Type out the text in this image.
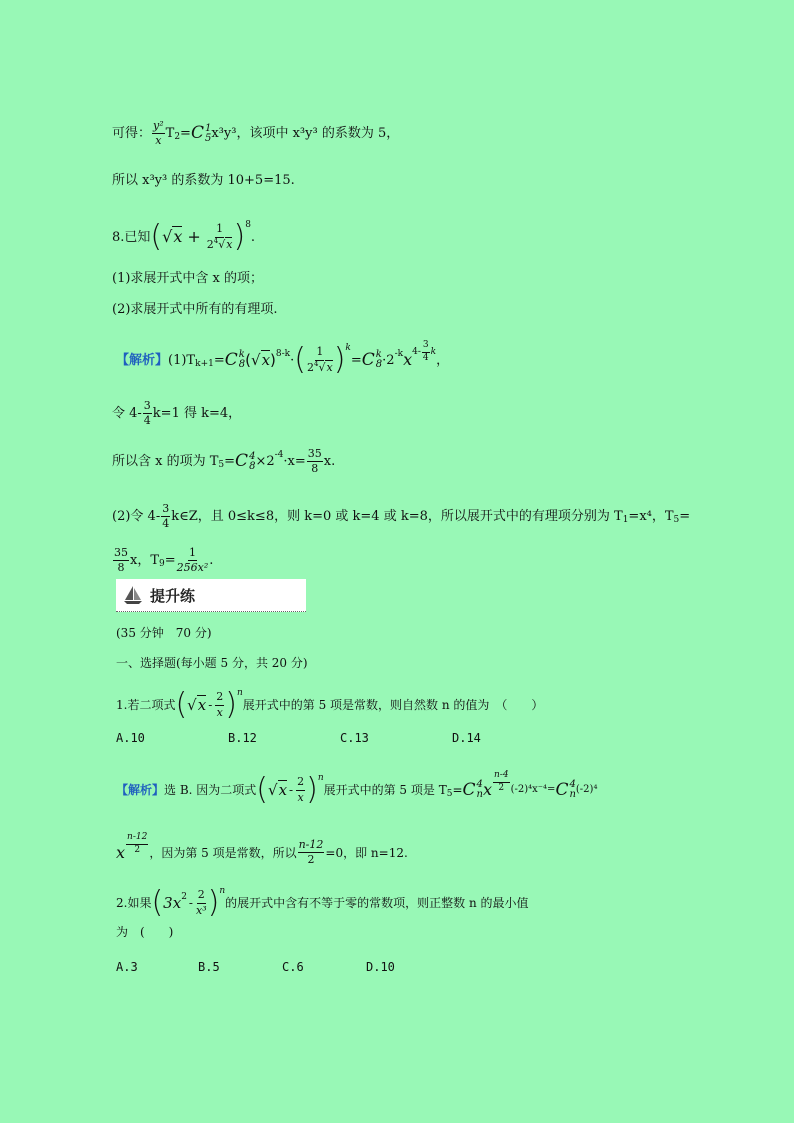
可得： $\frac{\text{y²}}{x}$ T 2 = C 1
5 x³y³ ，该项中 x³y³ 的系数为 5，
所以 x³y³ 的系数为 10+5=15.
8.已知 ( $√x + \frac{1}{2^4√x}$ ) 8
.
(1)求展开式中含 x 的项；
(2)求展开式中所有的有理项.
【解析】 (1)T k+1 = C k
8 (√x) 8-k · ( $\frac{1}{2^4√x}$ ) k
= C k
8 ·2 -k x $4- \frac{3}{4}$ k
，
令 $4- \frac{3}{4} k=1$ 得 k=4，
所以含 x 的项为 T 5 = C 4
8 ×2 $-4 \cdot x= \frac{35}{8} x$.
(2)令 $4- \frac{3}{4}$ k∈Z，且 0≤k≤8，则 k=0 或 k=4 或 k=8，所以展开式中的有理项分别为 T 1 =x⁴，T 5 =
$\frac{35}{8}$ x，T $9 = \frac{1}{\text{256x²}}$ .
提升练
(35 分钟　70 分)
一、选择题(每小题 5 分，共 20 分)
1.若二项式 ( $√x - \frac{2}{x}$ ) n
展开式中的第 5 项是常数，则自然数 n 的值为　（　　）
A.10	B.12	C.13	D.14
【解析】 选 B. 因为二项式 ( $√x - \frac{2}{x}$ ) n
展开式中的第 5 项是 T 5 = C 4
n x $\frac{n-4}{2} (-2)^4x^{-4}= C$ 4
n (-2)⁴
x $\frac{n-12}{2}$ ，因为第 5 项是常数，所以 $\frac{n-12}{2} =0$，即 n=12.
2.如果 ( 3x $2 - \frac{2}{\text{x³}}$ ) n
的展开式中含有不等于零的常数项，则正整数 n 的最小值
为　(　　)
A.3	B.5	C.6	D.10
